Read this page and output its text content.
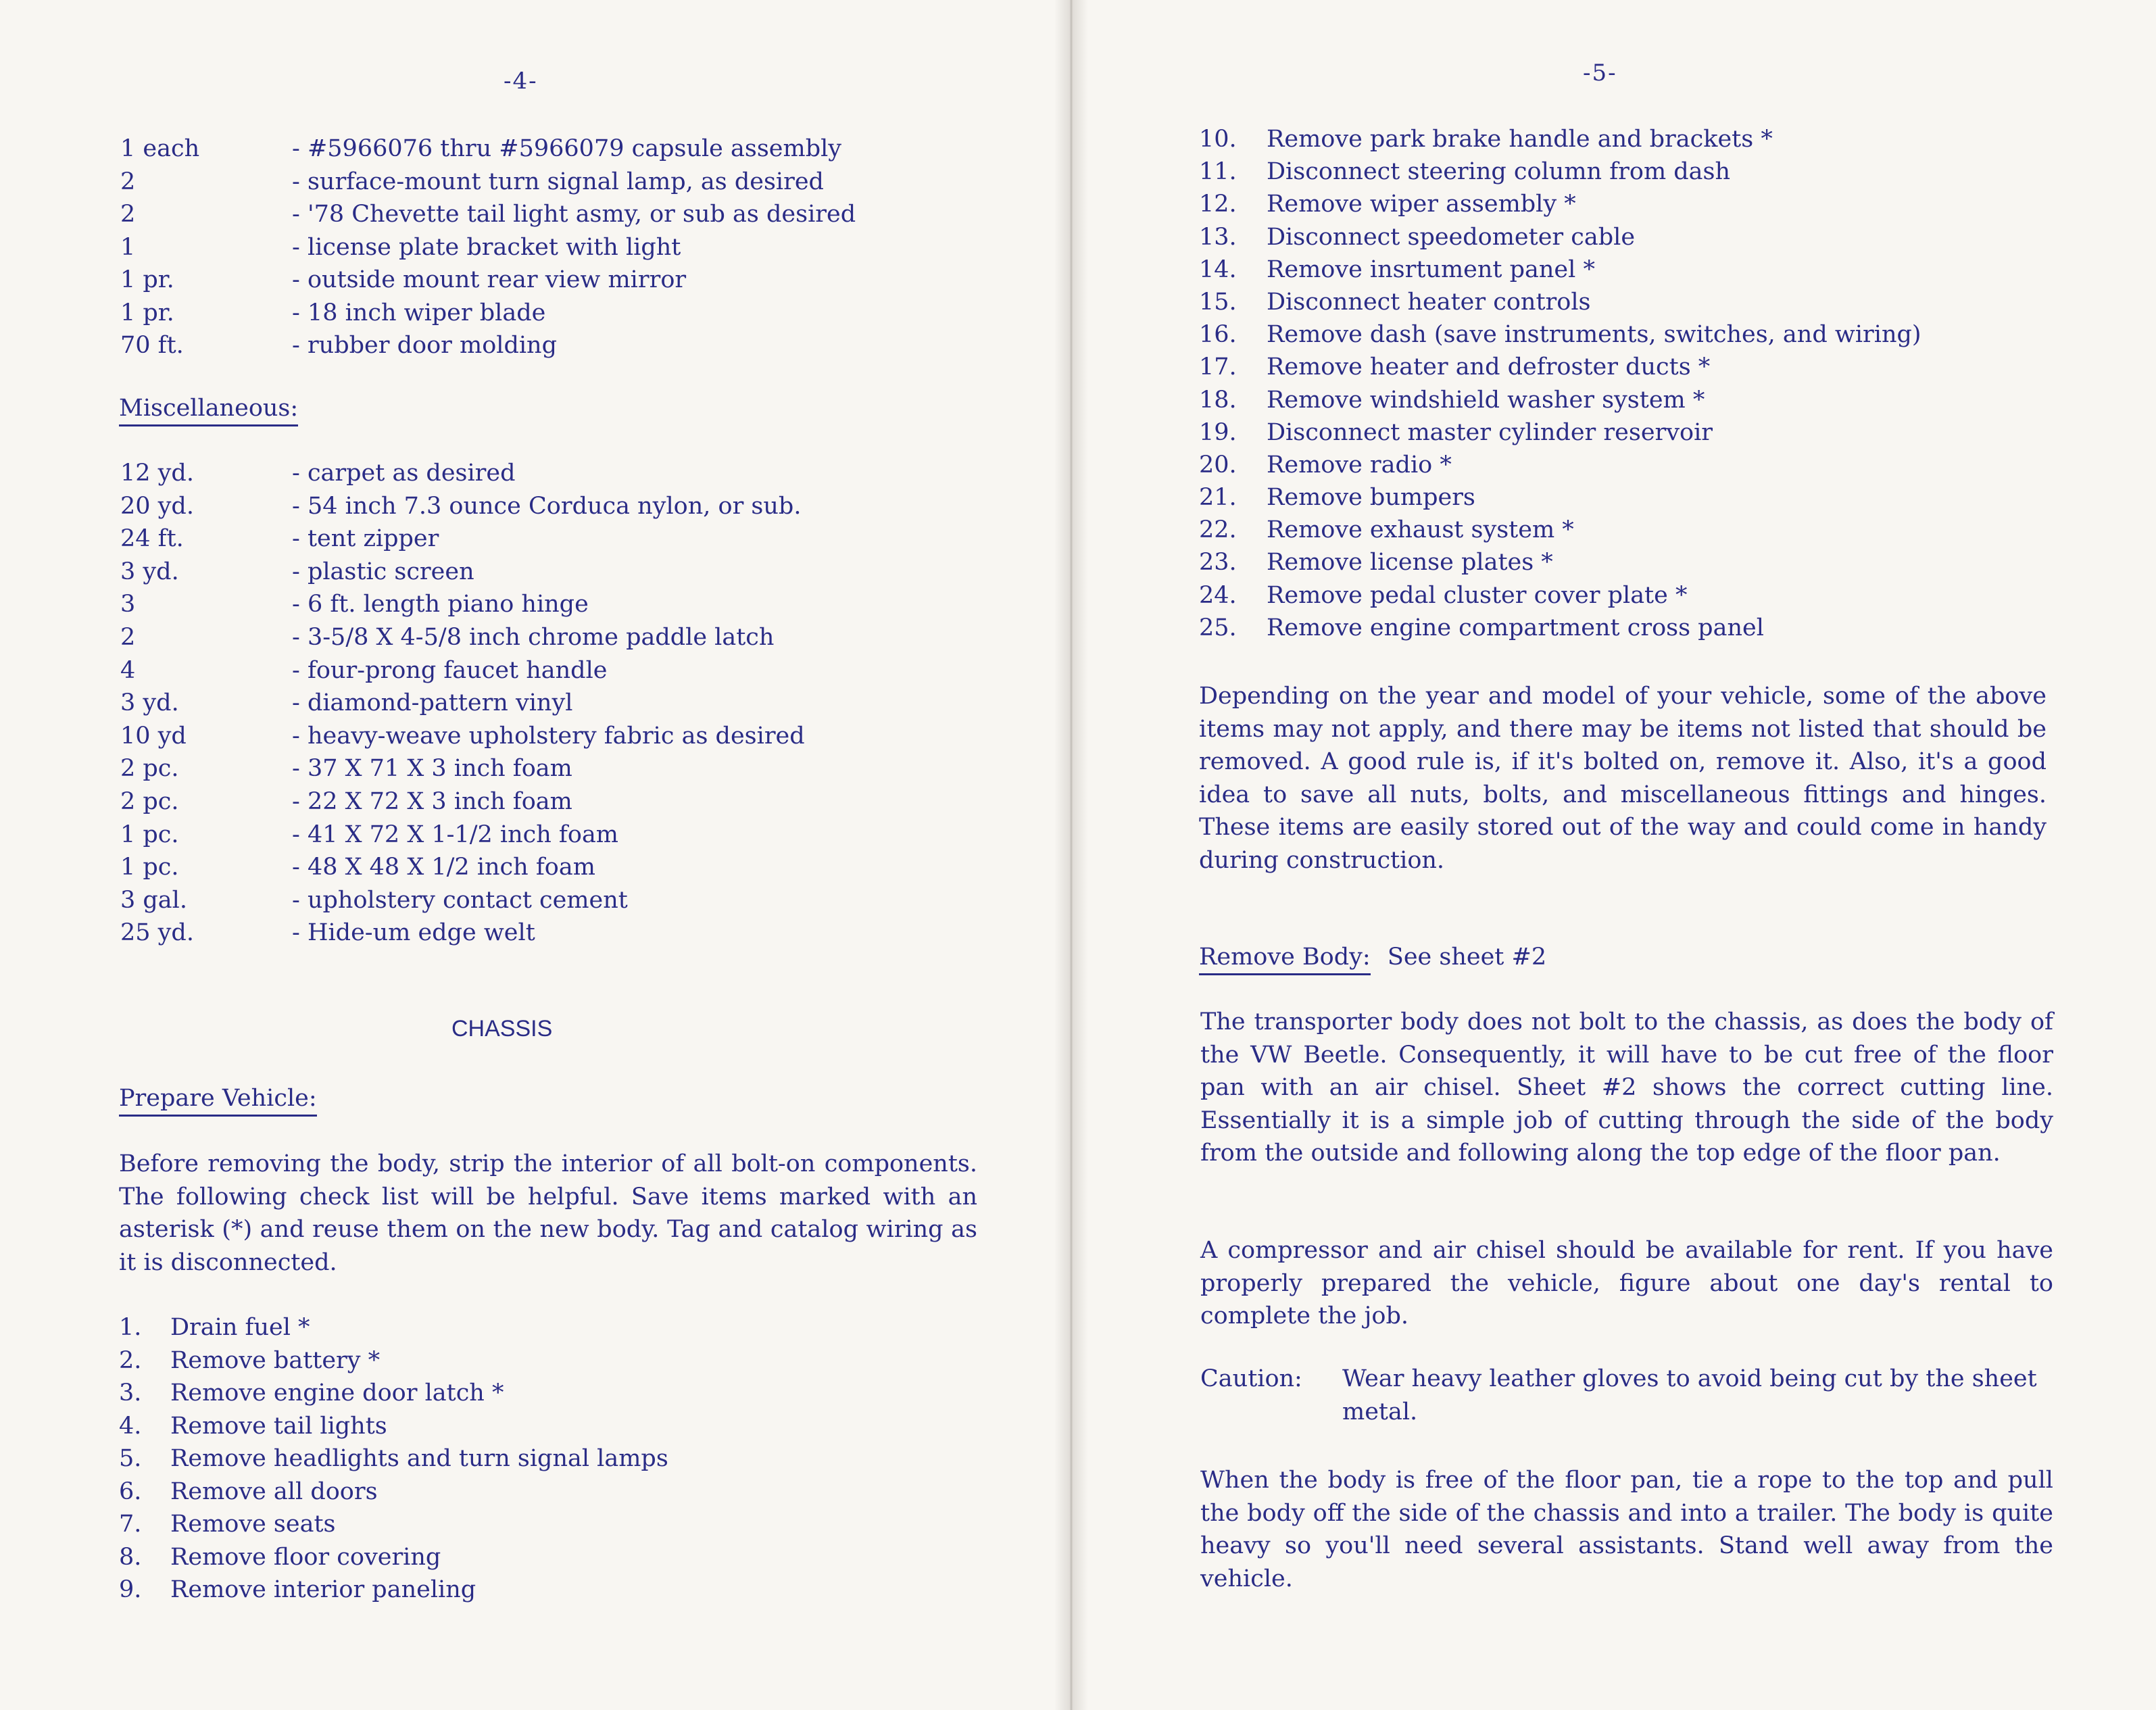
-4-
1 each	- #5966076 thru #5966079 capsule assembly
2	- surface-mount turn signal lamp, as desired
2	- '78 Chevette tail light asmy, or sub as desired
1	- license plate bracket with light
1 pr.	- outside mount rear view mirror
1 pr.	- 18 inch wiper blade
70 ft.	- rubber door molding
Miscellaneous:
12 yd.	- carpet as desired
20 yd.	- 54 inch 7.3 ounce Corduca nylon, or sub.
24 ft.	- tent zipper
3 yd.	- plastic screen
3	- 6 ft. length piano hinge
2	- 3-5/8 X 4-5/8 inch chrome paddle latch
4	- four-prong faucet handle
3 yd.	- diamond-pattern vinyl
10 yd	- heavy-weave upholstery fabric as desired
2 pc.	- 37 X 71 X 3 inch foam
2 pc.	- 22 X 72 X 3 inch foam
1 pc.	- 41 X 72 X 1-1/2 inch foam
1 pc.	- 48 X 48 X 1/2 inch foam
3 gal.	- upholstery contact cement
25 yd.	- Hide-um edge welt
CHASSIS
Prepare Vehicle:
Before removing the body, strip the interior of all bolt-on components. The following check list will be helpful. Save items marked with an asterisk (*) and reuse them on the new body. Tag and catalog wiring as it is disconnected.
1. Drain fuel *
2. Remove battery *
3. Remove engine door latch *
4. Remove tail lights
5. Remove headlights and turn signal lamps
6. Remove all doors
7. Remove seats
8. Remove floor covering
9. Remove interior paneling
-5-
10. Remove park brake handle and brackets *
11. Disconnect steering column from dash
12. Remove wiper assembly *
13. Disconnect speedometer cable
14. Remove insrtument panel *
15. Disconnect heater controls
16. Remove dash (save instruments, switches, and wiring)
17. Remove heater and defroster ducts *
18. Remove windshield washer system *
19. Disconnect master cylinder reservoir
20. Remove radio *
21. Remove bumpers
22. Remove exhaust system *
23. Remove license plates *
24. Remove pedal cluster cover plate *
25. Remove engine compartment cross panel
Depending on the year and model of your vehicle, some of the above items may not apply, and there may be items not listed that should be removed. A good rule is, if it's bolted on, remove it. Also, it's a good idea to save all nuts, bolts, and miscellaneous fittings and hinges. These items are easily stored out of the way and could come in handy during construction.
Remove Body: See sheet #2
The transporter body does not bolt to the chassis, as does the body of the VW Beetle. Consequently, it will have to be cut free of the floor pan with an air chisel. Sheet #2 shows the correct cutting line. Essentially it is a simple job of cutting through the side of the body from the outside and following along the top edge of the floor pan.
A compressor and air chisel should be available for rent. If you have properly prepared the vehicle, figure about one day's rental to complete the job.
Caution: Wear heavy leather gloves to avoid being cut by the sheet metal.
When the body is free of the floor pan, tie a rope to the top and pull the body off the side of the chassis and into a trailer. The body is quite heavy so you'll need several assistants. Stand well away from the vehicle.
